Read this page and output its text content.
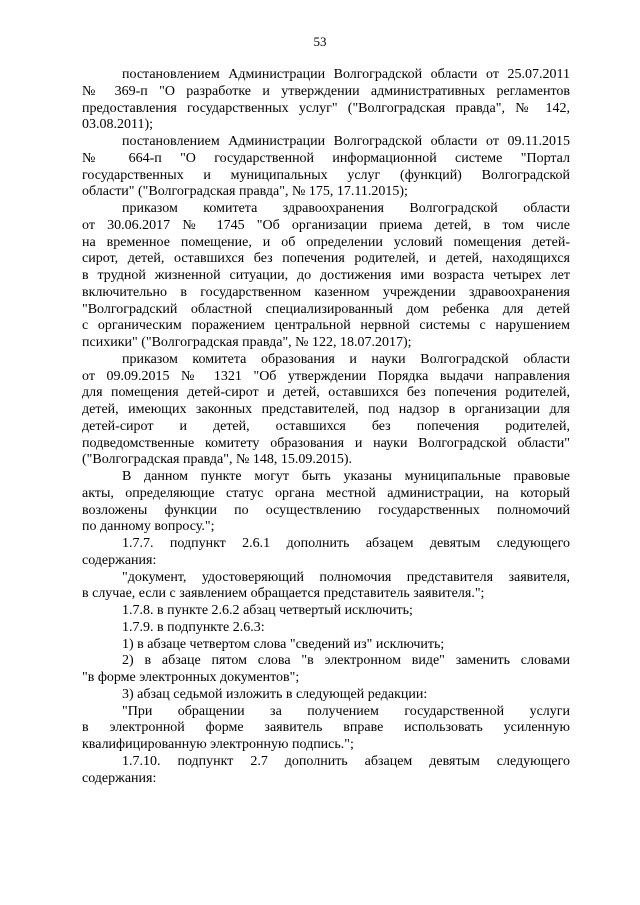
53
постановлением Администрации Волгоградской области от 25.07.2011
№ 369-п "О разработке и утверждении административных регламентов
предоставления государственных услуг" ("Волгоградская правда", № 142,
03.08.2011);
постановлением Администрации Волгоградской области от 09.11.2015
№ 664-п "О государственной информационной системе "Портал
государственных и муниципальных услуг (функций) Волгоградской
области" ("Волгоградская правда", № 175, 17.11.2015);
приказом комитета здравоохранения Волгоградской области
от 30.06.2017 № 1745 "Об организации приема детей, в том числе
на временное помещение, и об определении условий помещения детей-
сирот, детей, оставшихся без попечения родителей, и детей, находящихся
в трудной жизненной ситуации, до достижения ими возраста четырех лет
включительно в государственном казенном учреждении здравоохранения
"Волгоградский областной специализированный дом ребенка для детей
с органическим поражением центральной нервной системы с нарушением
психики" ("Волгоградская правда", № 122, 18.07.2017);
приказом комитета образования и науки Волгоградской области
от 09.09.2015 № 1321 "Об утверждении Порядка выдачи направления
для помещения детей-сирот и детей, оставшихся без попечения родителей,
детей, имеющих законных представителей, под надзор в организации для
детей-сирот и детей, оставшихся без попечения родителей,
подведомственные комитету образования и науки Волгоградской области"
("Волгоградская правда", № 148, 15.09.2015).
В данном пункте могут быть указаны муниципальные правовые
акты, определяющие статус органа местной администрации, на который
возложены функции по осуществлению государственных полномочий
по данному вопросу.";
1.7.7. подпункт 2.6.1 дополнить абзацем девятым следующего
содержания:
"документ, удостоверяющий полномочия представителя заявителя,
в случае, если с заявлением обращается представитель заявителя.";
1.7.8. в пункте 2.6.2 абзац четвертый исключить;
1.7.9. в подпункте 2.6.3:
1) в абзаце четвертом слова "сведений из" исключить;
2) в абзаце пятом слова "в электронном виде" заменить словами
"в форме электронных документов";
3) абзац седьмой изложить в следующей редакции:
"При обращении за получением государственной услуги
в электронной форме заявитель вправе использовать усиленную
квалифицированную электронную подпись.";
1.7.10. подпункт 2.7 дополнить абзацем девятым следующего
содержания:
